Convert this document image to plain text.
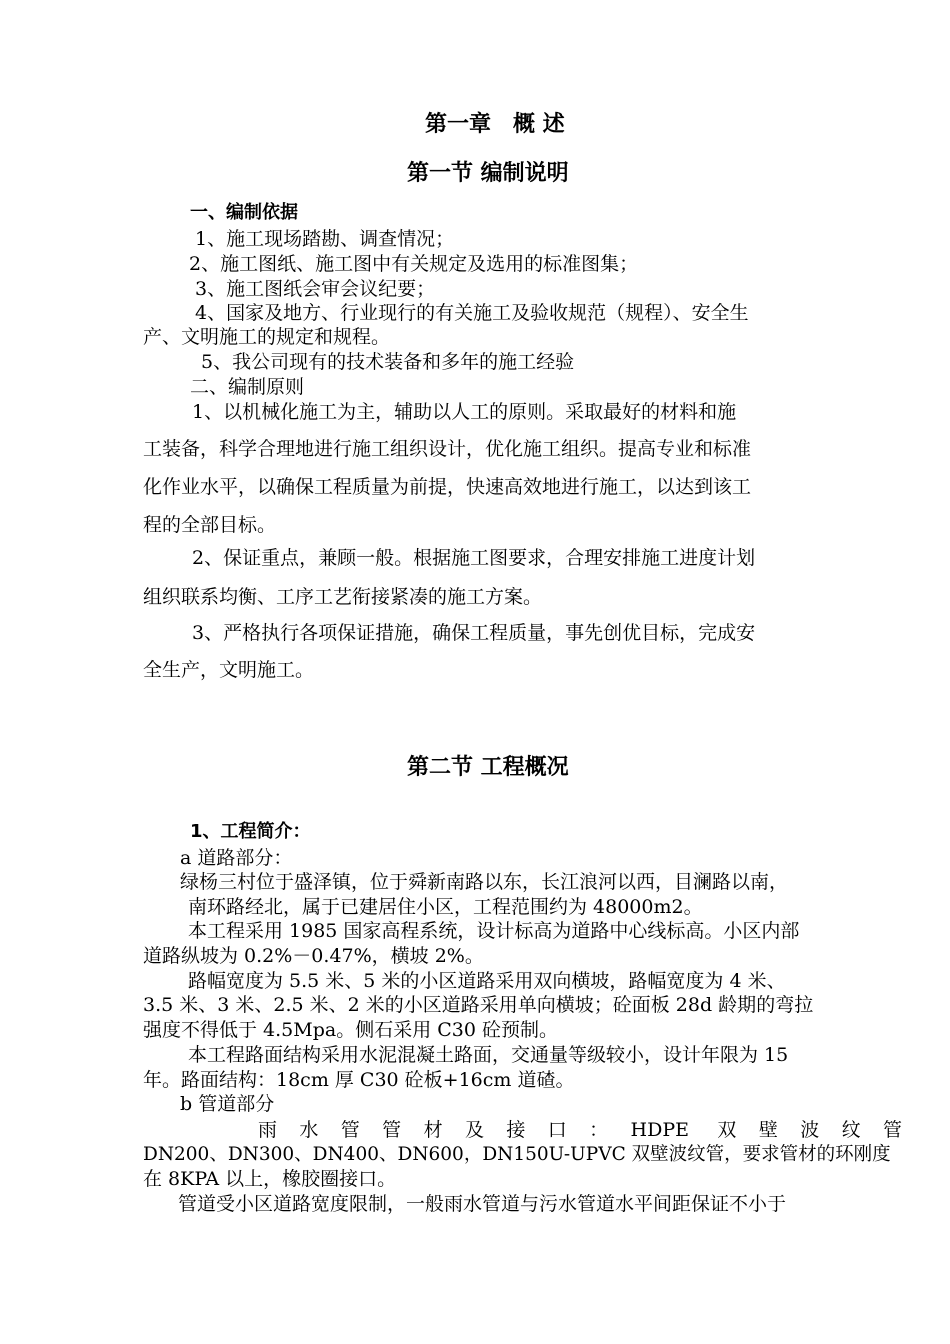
第一章　概 述
第一节 编制说明
一、编制依据
1、施工现场踏勘、调查情况；
2、施工图纸、施工图中有关规定及选用的标准图集；
3、施工图纸会审会议纪要；
4、国家及地方、行业现行的有关施工及验收规范（规程）、安全生
产、文明施工的规定和规程。
5、我公司现有的技术装备和多年的施工经验
二、编制原则
1、以机械化施工为主，辅助以人工的原则。采取最好的材料和施
工装备，科学合理地进行施工组织设计，优化施工组织。提高专业和标准
化作业水平，以确保工程质量为前提，快速高效地进行施工，以达到该工
程的全部目标。
2、保证重点，兼顾一般。根据施工图要求，合理安排施工进度计划
组织联系均衡、工序工艺衔接紧凑的施工方案。
3、严格执行各项保证措施，确保工程质量，事先创优目标，完成安
全生产，文明施工。
第二节 工程概况
1、工程简介：
a 道路部分：
绿杨三村位于盛泽镇，位于舜新南路以东，长江浪河以西，目澜路以南，
南环路经北，属于已建居住小区，工程范围约为 48000m2。
本工程采用 1985 国家高程系统，设计标高为道路中心线标高。小区内部
道路纵坡为 0.2%－0.47%，横坡 2%。
路幅宽度为 5.5 米、5 米的小区道路采用双向横坡，路幅宽度为 4 米、
3.5 米、3 米、2.5 米、2 米的小区道路采用单向横坡；砼面板 28d 龄期的弯拉
强度不得低于 4.5Mpa。侧石采用 C30 砼预制。
本工程路面结构采用水泥混凝土路面，交通量等级较小，设计年限为 15
年。路面结构：18cm 厚 C30 砼板+16cm 道碴。
b 管道部分
雨水管管材及接口：HDPE 双壁波纹管
DN200、DN300、DN400、DN600，DN150U-UPVC 双壁波纹管，要求管材的环刚度
在 8KPA 以上，橡胶圈接口。
管道受小区道路宽度限制，一般雨水管道与污水管道水平间距保证不小于
